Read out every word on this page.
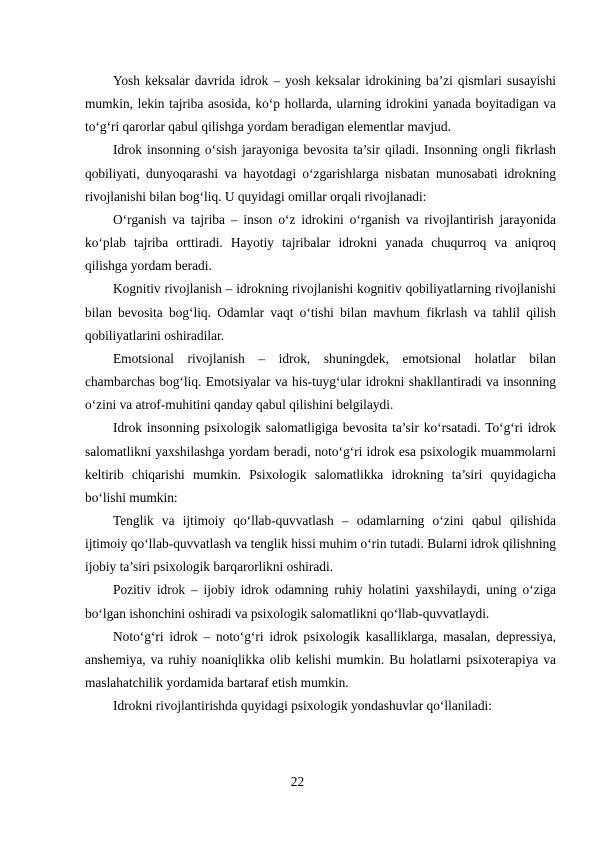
Yosh keksalar davrida idrok – yosh keksalar idrokining ba’zi qismlari susayishi mumkin, lekin tajriba asosida, ko‘p hollarda, ularning idrokini yanada boyitadigan va to‘g‘ri qarorlar qabul qilishga yordam beradigan elementlar mavjud.

Idrok insonning o‘sish jarayoniga bevosita ta’sir qiladi. Insonning ongli fikrlash qobiliyati, dunyoqarashi va hayotdagi o‘zgarishlarga nisbatan munosabati idrokning rivojlanishi bilan bog‘liq. U quyidagi omillar orqali rivojlanadi:

O‘rganish va tajriba – inson o‘z idrokini o‘rganish va rivojlantirish jarayonida ko‘plab tajriba orttiradi. Hayotiy tajribalar idrokni yanada chuqurroq va aniqroq qilishga yordam beradi.

Kognitiv rivojlanish – idrokning rivojlanishi kognitiv qobiliyatlarning rivojlanishi bilan bevosita bog‘liq. Odamlar vaqt o‘tishi bilan mavhum fikrlash va tahlil qilish qobiliyatlarini oshiradilar.

Emotsional rivojlanish – idrok, shuningdek, emotsional holatlar bilan chambarchas bog‘liq. Emotsiyalar va his-tuyg‘ular idrokni shakllantiradi va insonning o‘zini va atrof-muhitini qanday qabul qilishini belgilaydi.

Idrok insonning psixologik salomatligiga bevosita ta’sir ko‘rsatadi. To‘g‘ri idrok salomatlikni yaxshilashga yordam beradi, noto‘g‘ri idrok esa psixologik muammolarni keltirib chiqarishi mumkin. Psixologik salomatlikka idrokning ta’siri quyidagicha bo‘lishi mumkin:

Tenglik va ijtimoiy qo‘llab-quvvatlash – odamlarning o‘zini qabul qilishida ijtimoiy qo‘llab-quvvatlash va tenglik hissi muhim o‘rin tutadi. Bularni idrok qilishning ijobiy ta’siri psixologik barqarorlikni oshiradi.

Pozitiv idrok – ijobiy idrok odamning ruhiy holatini yaxshilaydi, uning o‘ziga bo‘lgan ishonchini oshiradi va psixologik salomatlikni qo‘llab-quvvatlaydi.

Noto‘g‘ri idrok – noto‘g‘ri idrok psixologik kasalliklarga, masalan, depressiya, anshemiya, va ruhiy noaniqlikka olib kelishi mumkin. Bu holatlarni psixoterapiya va maslahatchilik yordamida bartaraf etish mumkin.

Idrokni rivojlantirishda quyidagi psixologik yondashuvlar qo‘llaniladi:

22
